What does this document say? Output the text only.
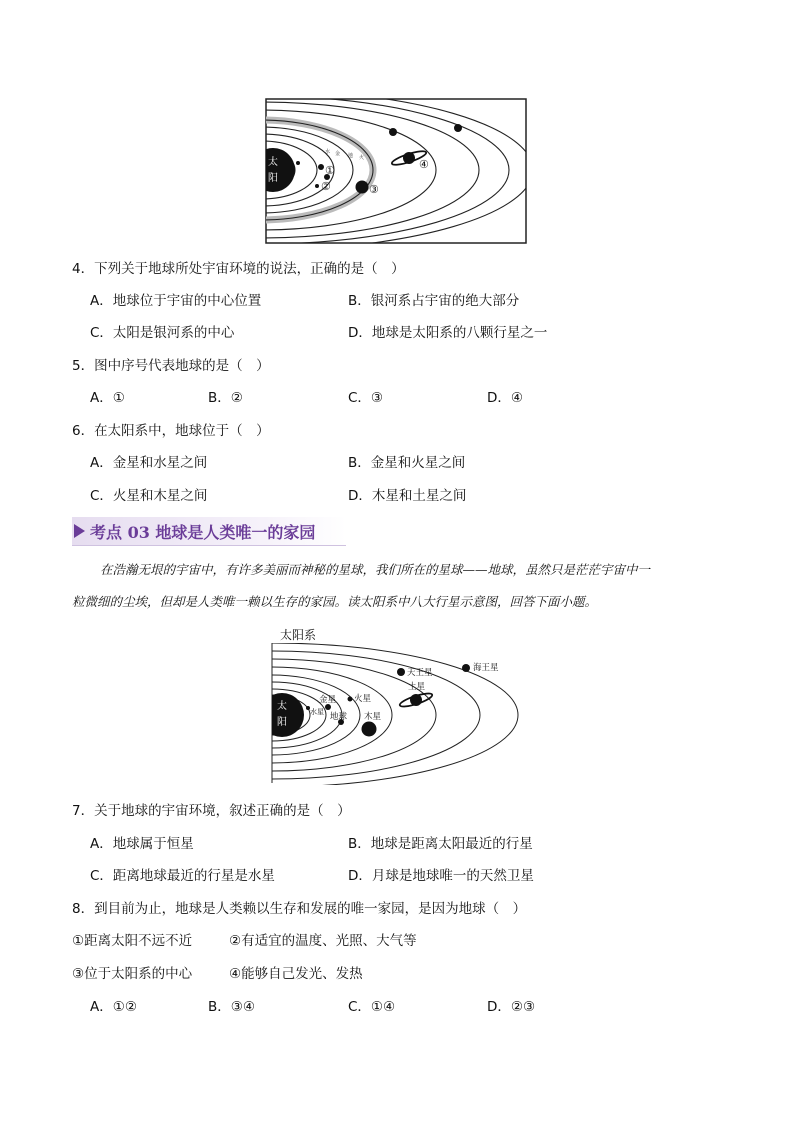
太
阳
水 金 地 火
①
②	③
④
4．下列关于地球所处宇宙环境的说法，正确的是（　）
A．地球位于宇宙的中心位置	B．银河系占宇宙的绝大部分
C．太阳是银河系的中心	D．地球是太阳系的八颗行星之一
5．图中序号代表地球的是（　）
A．①	B．②	C．③	D．④
6．在太阳系中，地球位于（　）
A．金星和水星之间	B．金星和火星之间
C．火星和木星之间	D．木星和土星之间
考点 03 地球是人类唯一的家园
在浩瀚无垠的宇宙中，有许多美丽而神秘的星球，我们所在的星球——地球，虽然只是茫茫宇宙中一
粒微细的尘埃，但却是人类唯一赖以生存的家园。读太阳系中八大行星示意图，回答下面小题。
太阳系
太
阳
水星
金星
地球
火星
木星
土星
天王星	海王星
7．关于地球的宇宙环境，叙述正确的是（　）
A．地球属于恒星	B．地球是距离太阳最近的行星
C．距离地球最近的行星是水星	D．月球是地球唯一的天然卫星
8．到目前为止，地球是人类赖以生存和发展的唯一家园，是因为地球（　）
①距离太阳不远不近	②有适宜的温度、光照、大气等
③位于太阳系的中心	④能够自己发光、发热
A．①②	B．③④	C．①④	D．②③
